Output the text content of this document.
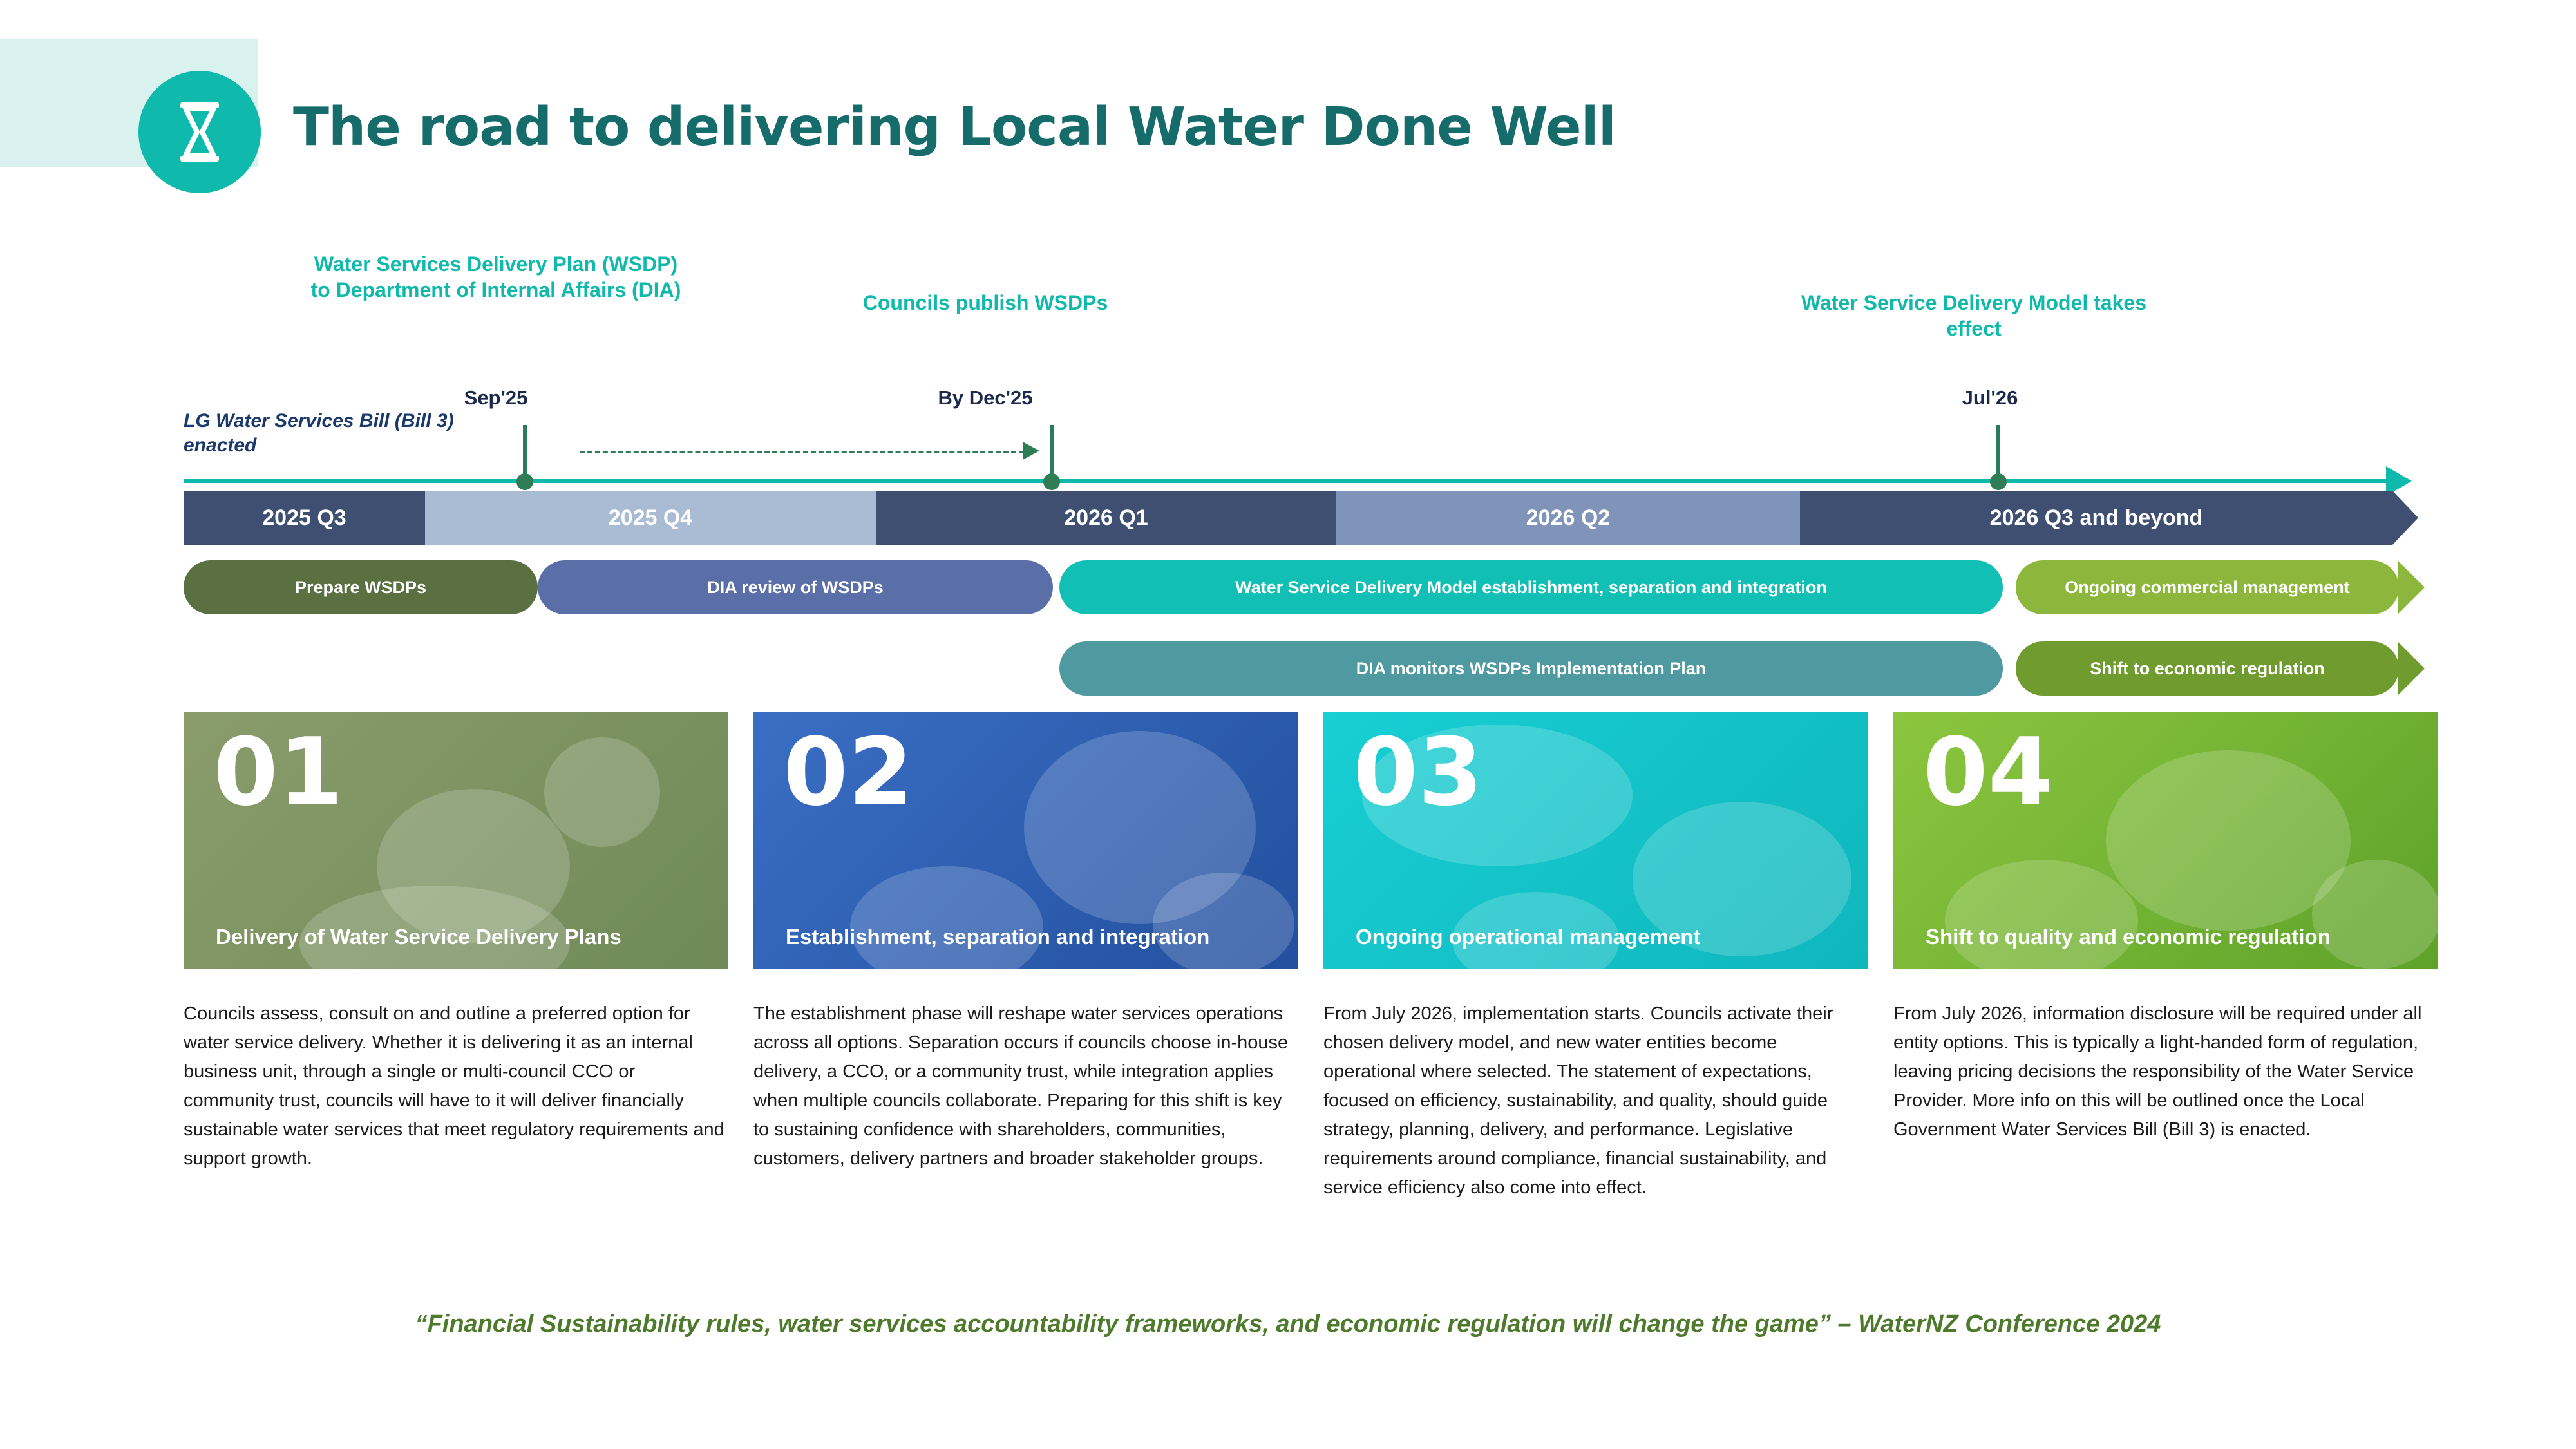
The road to delivering Local Water Done Well
Water Services Delivery Plan (WSDP) to Department of Internal Affairs (DIA)
Councils publish WSDPs	Water Service Delivery Model takes effect
Sep'25	By Dec'25	Jul'26
LG Water Services Bill (Bill 3) enacted
2025 Q3	2025 Q4	2026 Q1	2026 Q2	2026 Q3 and beyond
Prepare WSDPs	DIA review of WSDPs	Water Service Delivery Model establishment, separation and integration	Ongoing commercial management
DIA monitors WSDPs Implementation Plan	Shift to economic regulation
01
Delivery of Water Service Delivery Plans
Councils assess, consult on and outline a preferred option for water service delivery. Whether it is delivering it as an internal business unit, through a single or multi-council CCO or community trust, councils will have to it will deliver financially sustainable water services that meet regulatory requirements and support growth.
02
Establishment, separation and integration
The establishment phase will reshape water services operations across all options. Separation occurs if councils choose in-house delivery, a CCO, or a community trust, while integration applies when multiple councils collaborate. Preparing for this shift is key to sustaining confidence with shareholders, communities, customers, delivery partners and broader stakeholder groups.
03
Ongoing operational management
From July 2026, implementation starts. Councils activate their chosen delivery model, and new water entities become operational where selected. The statement of expectations, focused on efficiency, sustainability, and quality, should guide strategy, planning, delivery, and performance. Legislative requirements around compliance, financial sustainability, and service efficiency also come into effect.
04
Shift to quality and economic regulation
From July 2026, information disclosure will be required under all entity options. This is typically a light-handed form of regulation, leaving pricing decisions the responsibility of the Water Service Provider. More info on this will be outlined once the Local Government Water Services Bill (Bill 3) is enacted.
“Financial Sustainability rules, water services accountability frameworks, and economic regulation will change the game” – WaterNZ Conference 2024
